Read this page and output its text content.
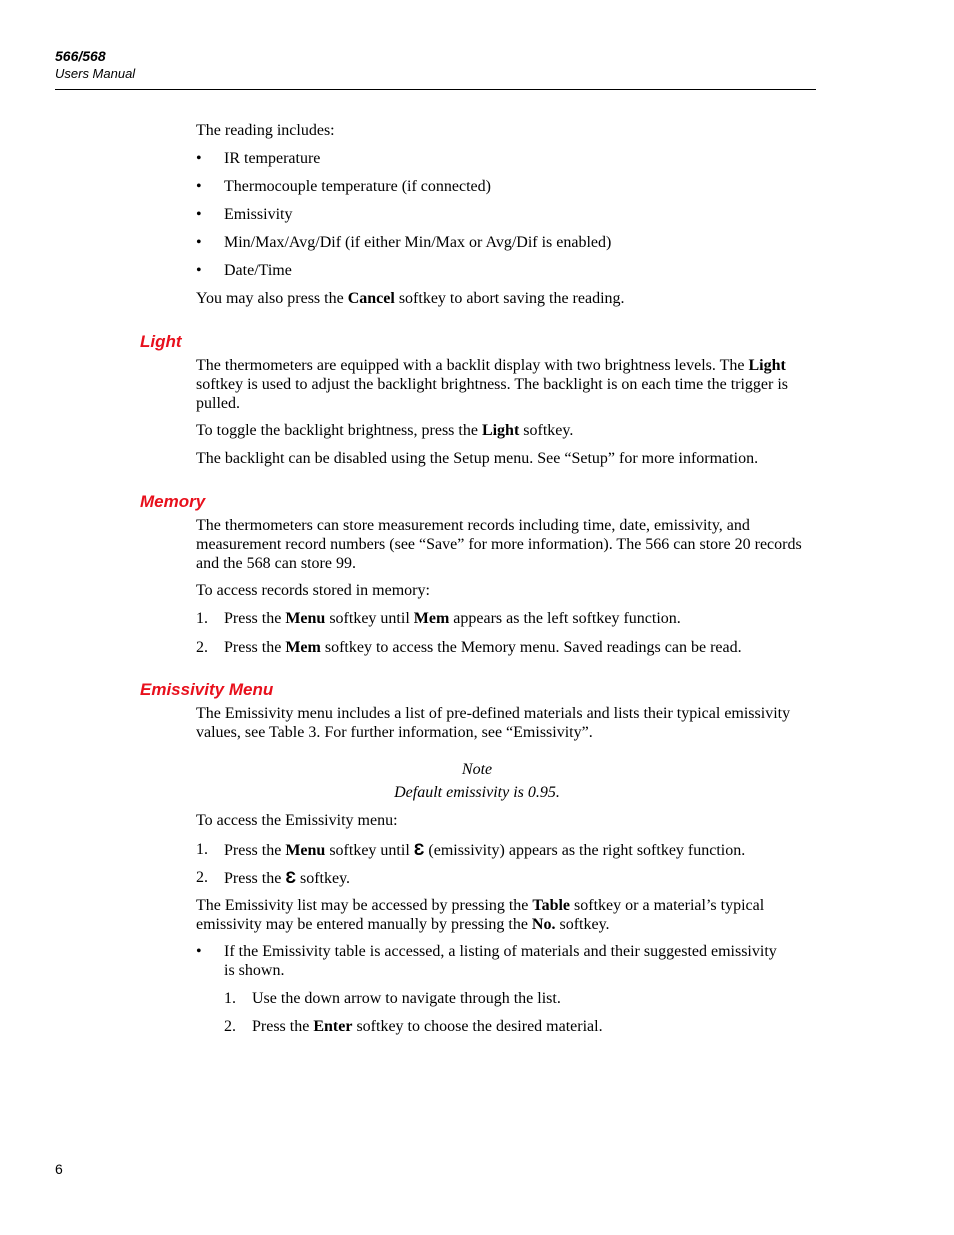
566/568
Users Manual

The reading includes:

•	IR temperature
•	Thermocouple temperature (if connected)
•	Emissivity
•	Min/Max/Avg/Dif (if either Min/Max or Avg/Dif is enabled)
•	Date/Time

You may also press the Cancel softkey to abort saving the reading.

Light

The thermometers are equipped with a backlit display with two brightness levels. The Light softkey is used to adjust the backlight brightness. The backlight is on each time the trigger is pulled.

To toggle the backlight brightness, press the Light softkey.

The backlight can be disabled using the Setup menu. See “Setup” for more information.

Memory

The thermometers can store measurement records including time, date, emissivity, and measurement record numbers (see “Save” for more information). The 566 can store 20 records and the 568 can store 99.

To access records stored in memory:

1. Press the Menu softkey until Mem appears as the left softkey function.
2. Press the Mem softkey to access the Memory menu. Saved readings can be read.
Emissivity Menu

The Emissivity menu includes a list of pre-defined materials and lists their typical emissivity values, see Table 3. For further information, see “Emissivity”.

Note
Default emissivity is 0.95.

To access the Emissivity menu:

1. Press the Menu softkey until Ɛ (emissivity) appears as the right softkey function.
2. Press the Ɛ softkey.

The Emissivity list may be accessed by pressing the Table softkey or a material’s typical emissivity may be entered manually by pressing the No. softkey.

•	If the Emissivity table is accessed, a listing of materials and their suggested emissivity is shown.
1. Use the down arrow to navigate through the list.
2. Press the Enter softkey to choose the desired material.
6
